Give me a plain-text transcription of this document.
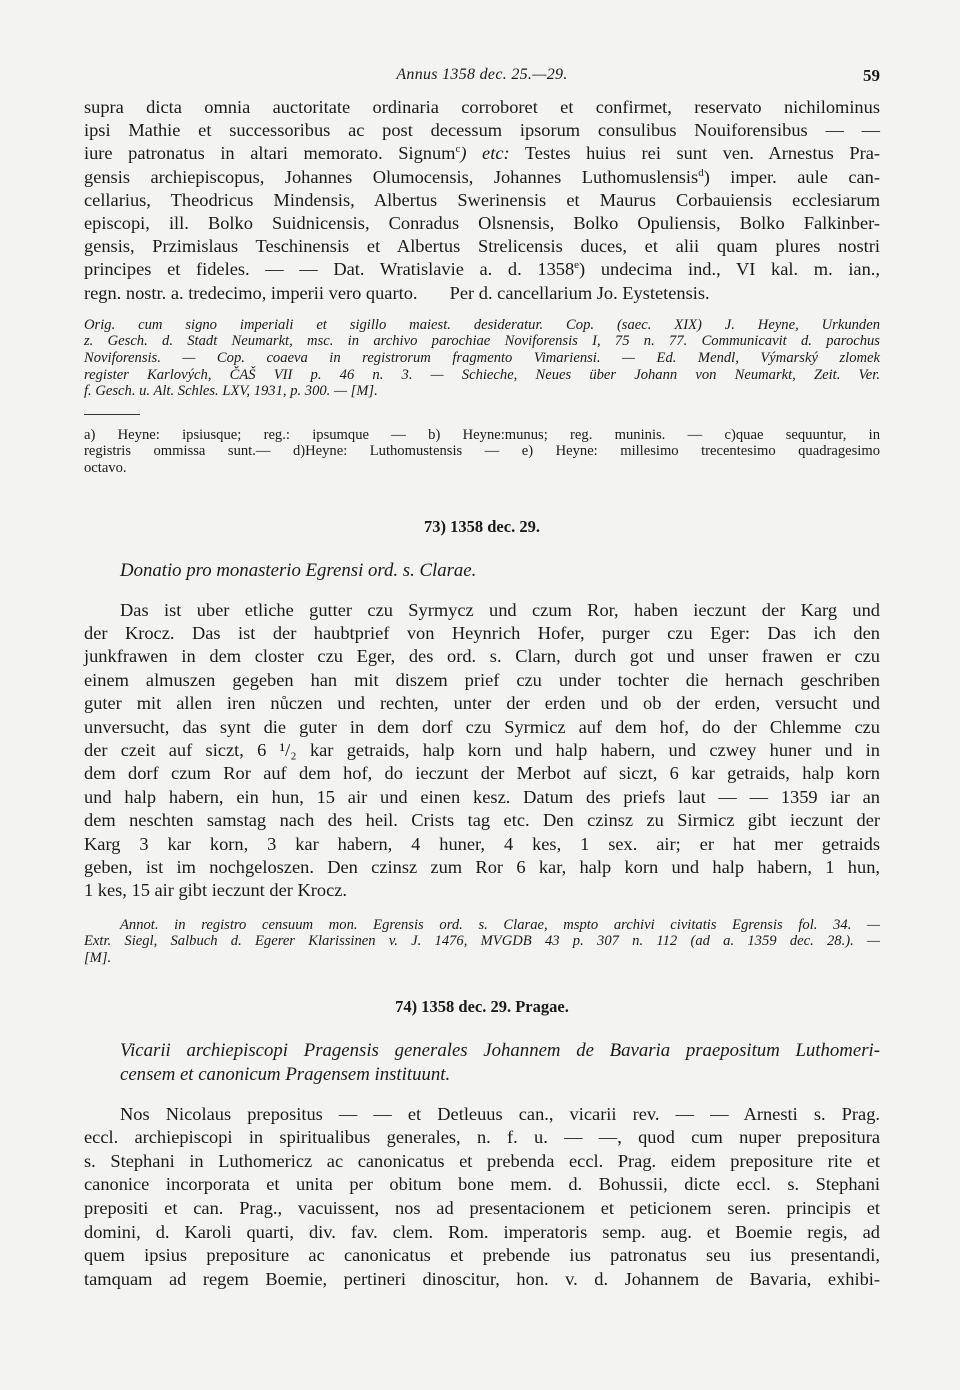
Annus 1358 dec. 25.—29.	59
supra dicta omnia auctoritate ordinaria corroboret et confirmet, reservato nichilominus
ipsi Mathie et successoribus ac post decessum ipsorum consulibus Nouiforensibus — —
iure patronatus in altari memorato. Signum$^c$) etc: Testes huius rei sunt ven. Arnestus Pra-
gensis archiepiscopus, Johannes Olumocensis, Johannes Luthomuslensis$^d$) imper. aule can-
cellarius, Theodricus Mindensis, Albertus Swerinensis et Maurus Corbauiensis ecclesiarum
episcopi, ill. Bolko Suidnicensis, Conradus Olsnensis, Bolko Opuliensis, Bolko Falkinber-
gensis, Przimislaus Teschinensis et Albertus Strelicensis duces, et alii quam plures nostri
principes et fideles. — — Dat. Wratislavie a. d. 1358e) undecima ind., VI kal. m. ian.,
regn. nostr. a. tredecimo, imperii vero quarto.       Per d. cancellarium Jo. Eystetensis.
Orig. cum signo imperiali et sigillo maiest. desideratur. Cop. (saec. XIX) J. Heyne, Urkunden
z. Gesch. d. Stadt Neumarkt, msc. in archivo parochiae Noviforensis I, 75 n. 77. Communicavit d. parochus
Noviforensis. — Cop. coaeva in registrorum fragmento Vimariensi. — Ed. Mendl, Výmarský zlomek
register Karlových, ČAŠ VII p. 46 n. 3. — Schieche, Neues über Johann von Neumarkt, Zeit. Ver.
f. Gesch. u. Alt. Schles. LXV, 1931, p. 300. — [M].
a) Heyne: ipsiusque; reg.: ipsumque — b) Heyne:munus; reg. muninis. — c)quae sequuntur, in
registris ommissa sunt.— d)Heyne: Luthomustensis — e) Heyne: millesimo trecentesimo quadragesimo
octavo.
73) 1358 dec. 29.
Donatio pro monasterio Egrensi ord. s. Clarae.
Das ist uber etliche gutter czu Syrmycz und czum Ror, haben ieczunt der Karg und
der Krocz. Das ist der haubtprief von Heynrich Hofer, purger czu Eger: Das ich den
junkfrawen in dem closter czu Eger, des ord. s. Clarn, durch got und unser frawen er czu
einem almuszen gegeben han mit diszem prief czu under tochter die hernach geschriben
guter mit allen iren nůczen und rechten, unter der erden und ob der erden, versucht und
unversucht, das synt die guter in dem dorf czu Syrmicz auf dem hof, do der Chlemme czu
der czeit auf siczt, 6 ¹/₂ kar getraids, halp korn und halp habern, und czwey huner und in
dem dorf czum Ror auf dem hof, do ieczunt der Merbot auf siczt, 6 kar getraids, halp korn
und halp habern, ein hun, 15 air und einen kesz. Datum des priefs laut — — 1359 iar an
dem neschten samstag nach des heil. Crists tag etc. Den czinsz zu Sirmicz gibt ieczunt der
Karg 3 kar korn, 3 kar habern, 4 huner, 4 kes, 1 sex. air; er hat mer getraids
geben, ist im nochgeloszen. Den czinsz zum Ror 6 kar, halp korn und halp habern, 1 hun,
1 kes, 15 air gibt ieczunt der Krocz.
Annot. in registro censuum mon. Egrensis ord. s. Clarae, mspto archivi civitatis Egrensis fol. 34. —
Extr. Siegl, Salbuch d. Egerer Klarissinen v. J. 1476, MVGDB 43 p. 307 n. 112 (ad a. 1359 dec. 28.). —
[M].
74) 1358 dec. 29. Pragae.
Vicarii archiepiscopi Pragensis generales Johannem de Bavaria praepositum Luthomeri-
censem et canonicum Pragensem instituunt.
Nos Nicolaus prepositus — — et Detleuus can., vicarii rev. — — Arnesti s. Prag.
eccl. archiepiscopi in spiritualibus generales, n. f. u. — —, quod cum nuper prepositura
s. Stephani in Luthomericz ac canonicatus et prebenda eccl. Prag. eidem prepositure rite et
canonice incorporata et unita per obitum bone mem. d. Bohussii, dicte eccl. s. Stephani
prepositi et can. Prag., vacuissent, nos ad presentacionem et peticionem seren. principis et
domini, d. Karoli quarti, div. fav. clem. Rom. imperatoris semp. aug. et Boemie regis, ad
quem ipsius prepositure ac canonicatus et prebende ius patronatus seu ius presentandi,
tamquam ad regem Boemie, pertineri dinoscitur, hon. v. d. Johannem de Bavaria, exhibi-
